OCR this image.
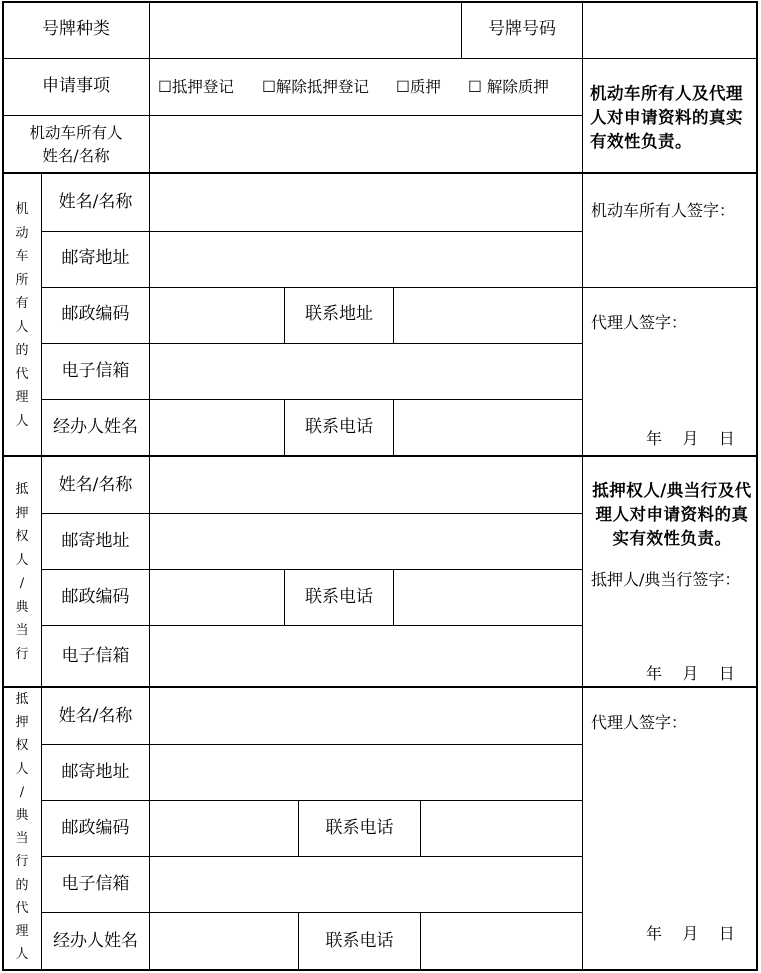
号牌种类	号牌号码
申请事项	☐抵押登记 ☐解除抵押登记 ☐质押 ☐ 解除质押
机动车所有人
姓名/名称
机动车所有人及代理人对申请资料的真实有效性负责。
机
动
车
所
有
人
的
代
理
人
姓名/名称
邮寄地址
邮政编码	联系地址
电子信箱
经办人姓名	联系电话
机动车所有人签字：
代理人签字：
年    月    日
抵
押
权
人
/
典
当
行
姓名/名称
邮寄地址
邮政编码	联系电话
电子信箱
抵押权人/典当行及代理人对申请资料的真实有效性负责。
抵押人/典当行签字：
年    月    日
抵
押
权
人
/
典
当
行
的
代
理
人
姓名/名称
邮寄地址
邮政编码	联系电话
电子信箱
经办人姓名	联系电话
代理人签字：
年    月    日
